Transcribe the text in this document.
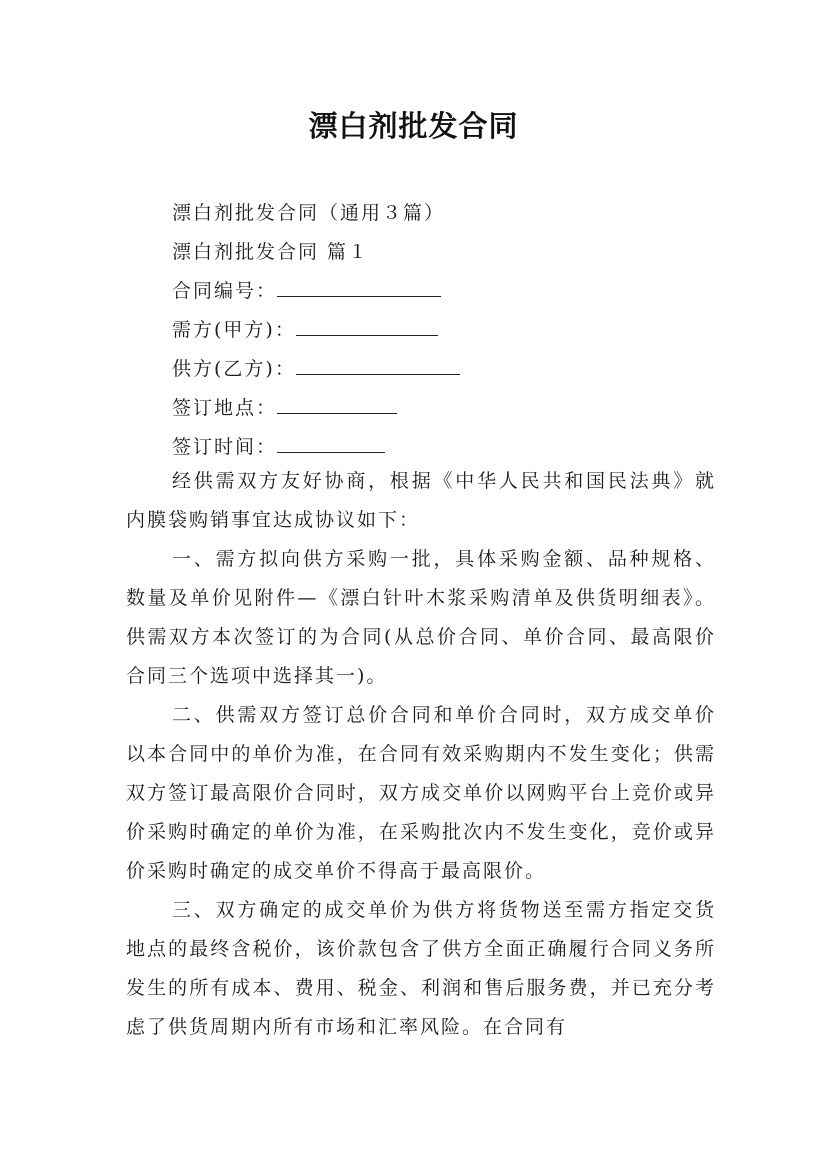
漂白剂批发合同
漂白剂批发合同（通用３篇）
漂白剂批发合同 篇１
合同编号：
需方(甲方)：
供方(乙方)：
签订地点：
签订时间：
经供需双方友好协商，根据《中华人民共和国民法典》就内膜袋购销事宜达成协议如下：
一、需方拟向供方采购一批，具体采购金额、品种规格、数量及单价见附件—《漂白针叶木浆采购清单及供货明细表》。供需双方本次签订的为合同(从总价合同、单价合同、最高限价合同三个选项中选择其一)。
二、供需双方签订总价合同和单价合同时，双方成交单价以本合同中的单价为准，在合同有效采购期内不发生变化；供需双方签订最高限价合同时，双方成交单价以网购平台上竞价或异价采购时确定的单价为准，在采购批次内不发生变化，竞价或异价采购时确定的成交单价不得高于最高限价。
三、双方确定的成交单价为供方将货物送至需方指定交货地点的最终含税价，该价款包含了供方全面正确履行合同义务所发生的所有成本、费用、税金、利润和售后服务费，并已充分考虑了供货周期内所有市场和汇率风险。在合同有
